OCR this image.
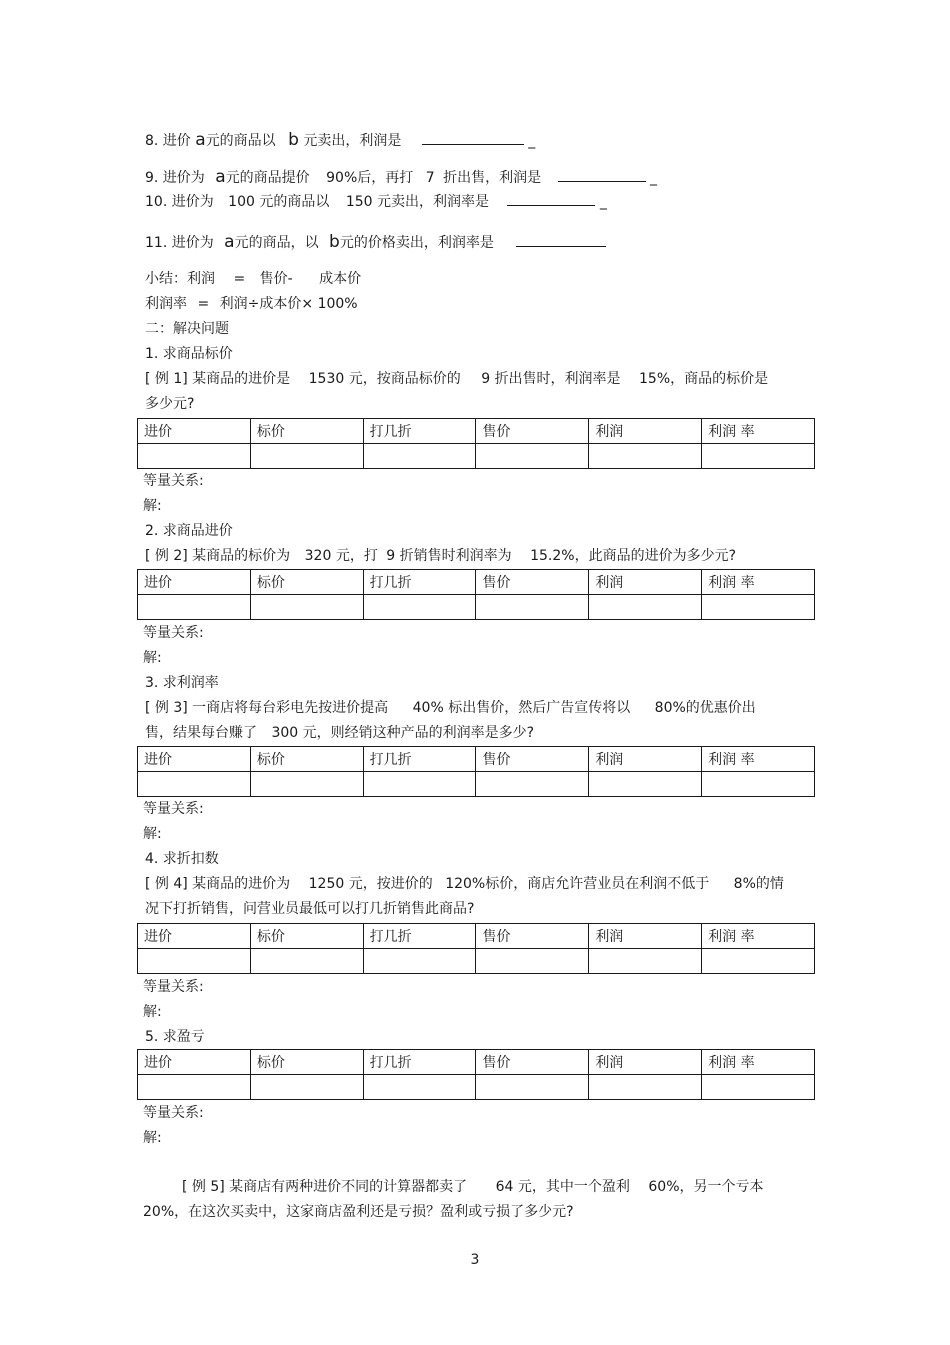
8. 进价 a元的商品以 b 元卖出，利润是	_
9. 进价为 a元的商品提价 90%后，再打 7 折出售，利润是	_
10. 进价为 100 元的商品以 150 元卖出，利润率是	_
11. 进价为 a元的商品，以 b元的价格卖出，利润率是
小结：利润 = 售价- 成本价
利润率 = 利润÷成本价× 100%
二：解决问题
1. 求商品标价
[ 例 1] 某商品的进价是 1530 元，按商品标价的 9 折出售时，利润率是 15%，商品的标价是
多少元?
进价	标价	打几折	售价	利润	利润 率

等量关系:
解:
2. 求商品进价
[ 例 2] 某商品的标价为 320 元，打 9 折销售时利润率为 15.2%，此商品的进价为多少元?
进价	标价	打几折	售价	利润	利润 率

等量关系:
解:
3. 求利润率
[ 例 3] 一商店将每台彩电先按进价提高 40% 标出售价，然后广告宣传将以 80%的优惠价出
售，结果每台赚了 300 元，则经销这种产品的利润率是多少?
进价	标价	打几折	售价	利润	利润 率

等量关系:
解:
4. 求折扣数
[ 例 4] 某商品的进价为 1250 元，按进价的 120%标价，商店允许营业员在利润不低于 8%的情
况下打折销售，问营业员最低可以打几折销售此商品?
进价	标价	打几折	售价	利润	利润 率

等量关系:
解:
5. 求盈亏
进价	标价	打几折	售价	利润	利润 率

等量关系:
解:
[ 例 5] 某商店有两种进价不同的计算器都卖了 64 元，其中一个盈利 60%，另一个亏本
20%，在这次买卖中，这家商店盈利还是亏损？盈利或亏损了多少元?
3
